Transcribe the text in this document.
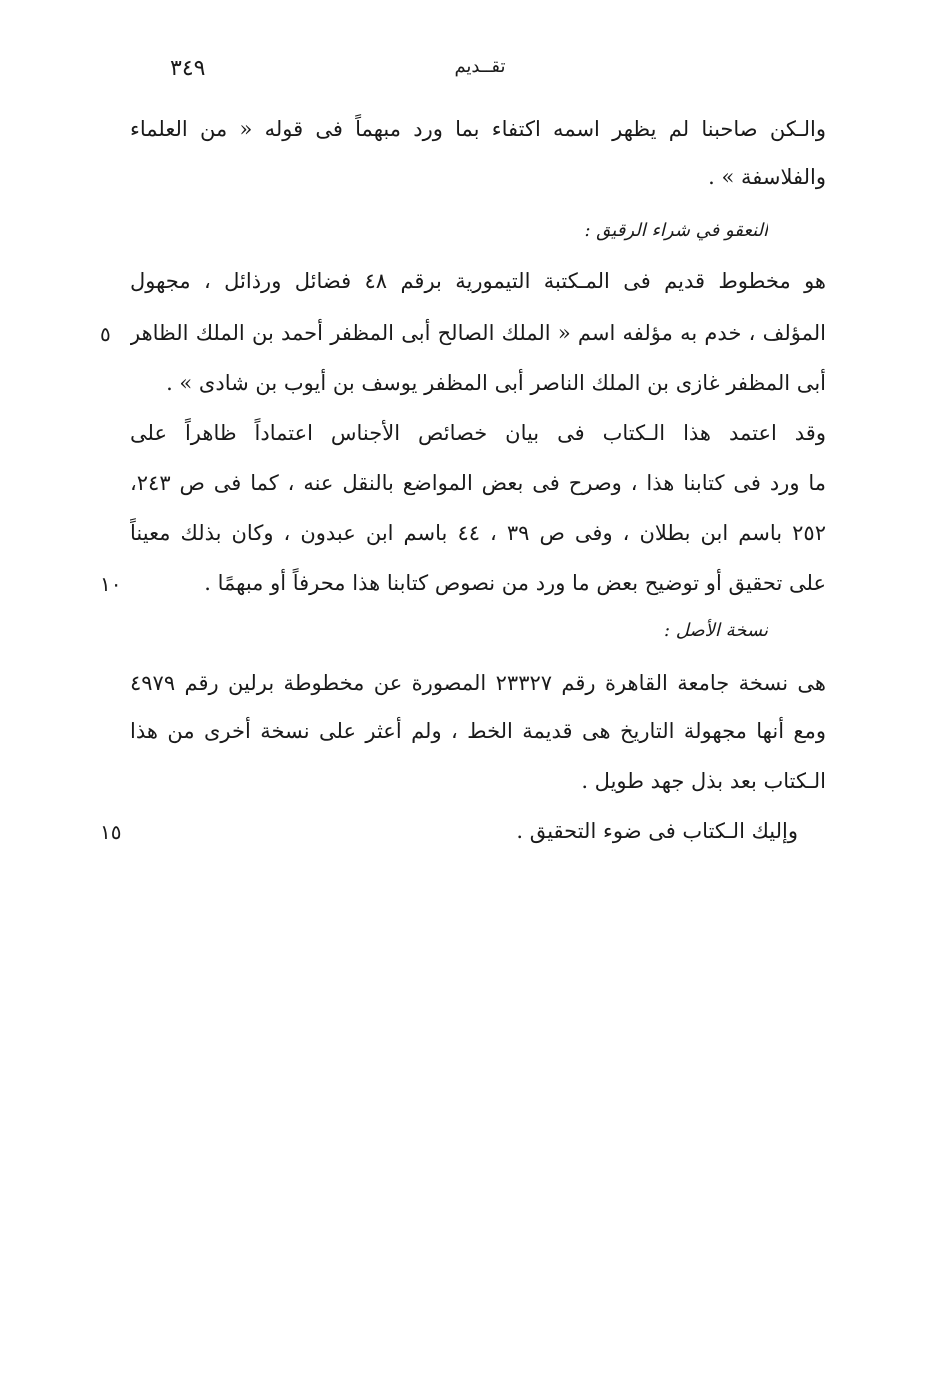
٣٤٩	تقــديم

والـكن صاحبنا لم يظهر اسمه اكتفاء بما ورد مبهماً فى قوله « من العلماء

والفلاسفة » .

النعقو في شراء الرقيق :

هو مخطوط قديم فى المـكتبة التيمورية برقم ٤٨ فضائل ورذائل ، مجهول

المؤلف ، خدم به مؤلفه اسم « الملك الصالح أبى المظفر أحمد بن الملك الظاهر

أبى المظفر غازى بن الملك الناصر أبى المظفر يوسف بن أيوب بن شادى » .

وقد اعتمد هذا الـكتاب فى بيان خصائص الأجناس اعتماداً ظاهراً على

ما ورد فى كتابنا هذا ، وصرح فى بعض المواضع بالنقل عنه ، كما فى ص ٢٤٣،

٢٥٢ باسم ابن بطلان ، وفى ص ٣٩ ، ٤٤ باسم ابن عبدون ، وكان بذلك معيناً

على تحقيق أو توضيح بعض ما ورد من نصوص كتابنا هذا محرفاً أو مبهمًا .

نسخة الأصل :

هى نسخة جامعة القاهرة رقم ٢٣٣٢٧ المصورة عن مخطوطة برلين رقم ٤٩٧٩

ومع أنها مجهولة التاريخ هى قديمة الخط ، ولم أعثر على نسخة أخرى من هذا

الـكتاب بعد بذل جهد طويل .

وإليك الـكتاب فى ضوء التحقيق .

٥
١٠
١٥
